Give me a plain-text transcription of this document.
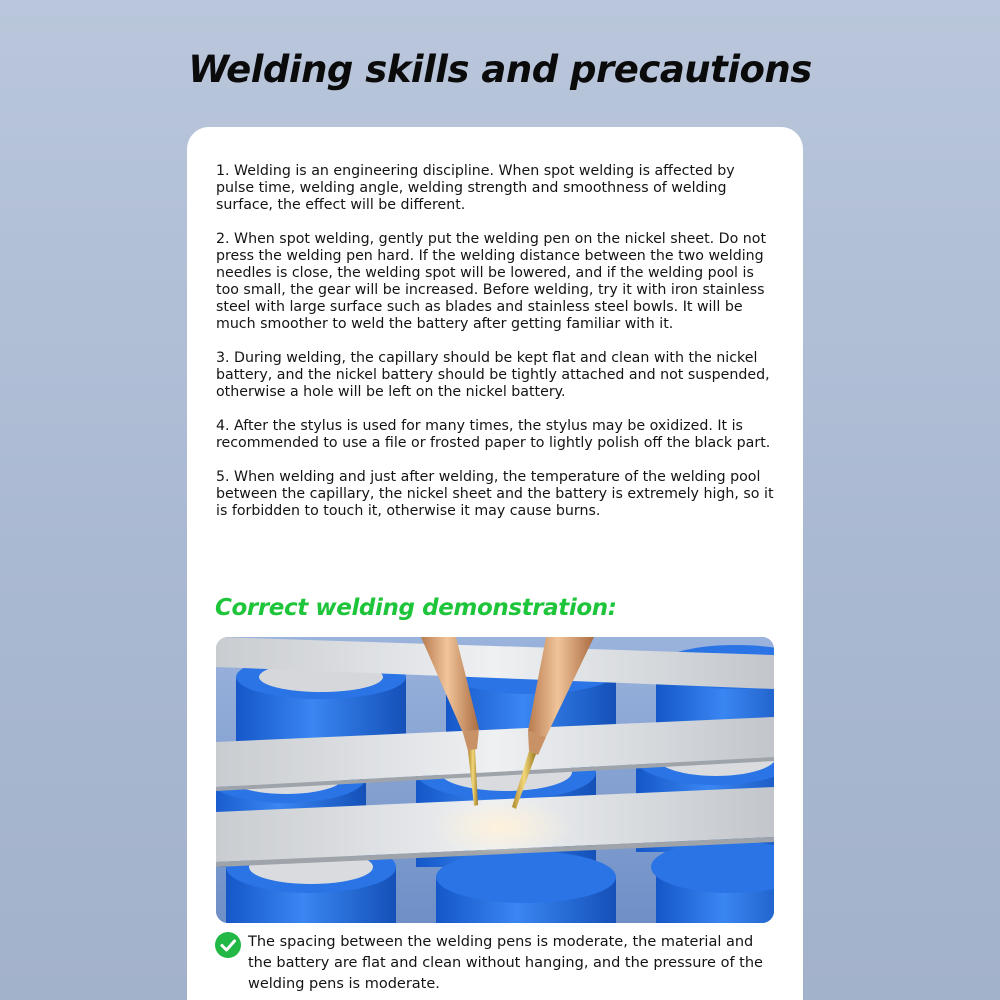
Welding skills and precautions

1. Welding is an engineering discipline. When spot welding is affected by pulse time, welding angle, welding strength and smoothness of welding surface, the effect will be different.

2. When spot welding, gently put the welding pen on the nickel sheet. Do not press the welding pen hard. If the welding distance between the two welding needles is close, the welding spot will be lowered, and if the welding pool is too small, the gear will be increased. Before welding, try it with iron stainless steel with large surface such as blades and stainless steel bowls. It will be much smoother to weld the battery after getting familiar with it.

3. During welding, the capillary should be kept flat and clean with the nickel battery, and the nickel battery should be tightly attached and not suspended, otherwise a hole will be left on the nickel battery.

4. After the stylus is used for many times, the stylus may be oxidized. It is recommended to use a file or frosted paper to lightly polish off the black part.

5. When welding and just after welding, the temperature of the welding pool between the capillary, the nickel sheet and the battery is extremely high, so it is forbidden to touch it, otherwise it may cause burns.

Correct welding demonstration:

The spacing between the welding pens is moderate, the material and the battery are flat and clean without hanging, and the pressure of the welding pens is moderate.
